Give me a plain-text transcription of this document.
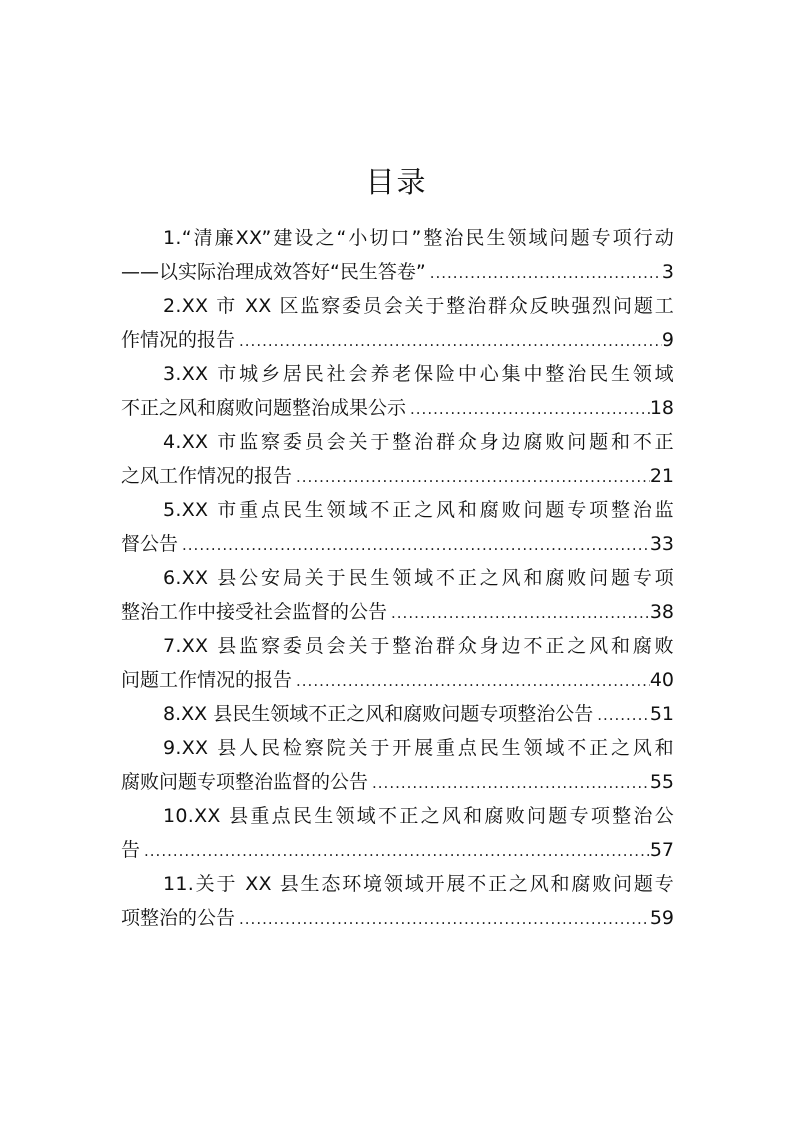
目录
1.“清廉XX”建设之“小切口”整治民生领域问题专项行动
——以实际治理成效答好“民生答卷” .....	3
2.XX 市 XX 区监察委员会关于整治群众反映强烈问题工
作情况的报告 .....	9
3.XX 市城乡居民社会养老保险中心集中整治民生领域
不正之风和腐败问题整治成果公示 .....	18
4.XX 市监察委员会关于整治群众身边腐败问题和不正
之风工作情况的报告 .....	21
5.XX 市重点民生领域不正之风和腐败问题专项整治监
督公告 .....	33
6.XX 县公安局关于民生领域不正之风和腐败问题专项
整治工作中接受社会监督的公告 .....	38
7.XX 县监察委员会关于整治群众身边不正之风和腐败
问题工作情况的报告 .....	40
8.XX 县民生领域不正之风和腐败问题专项整治公告 .....	51
9.XX 县人民检察院关于开展重点民生领域不正之风和
腐败问题专项整治监督的公告 .....	55
10.XX 县重点民生领域不正之风和腐败问题专项整治公
告 .....	57
11.关于 XX 县生态环境领域开展不正之风和腐败问题专
项整治的公告 .....	59
